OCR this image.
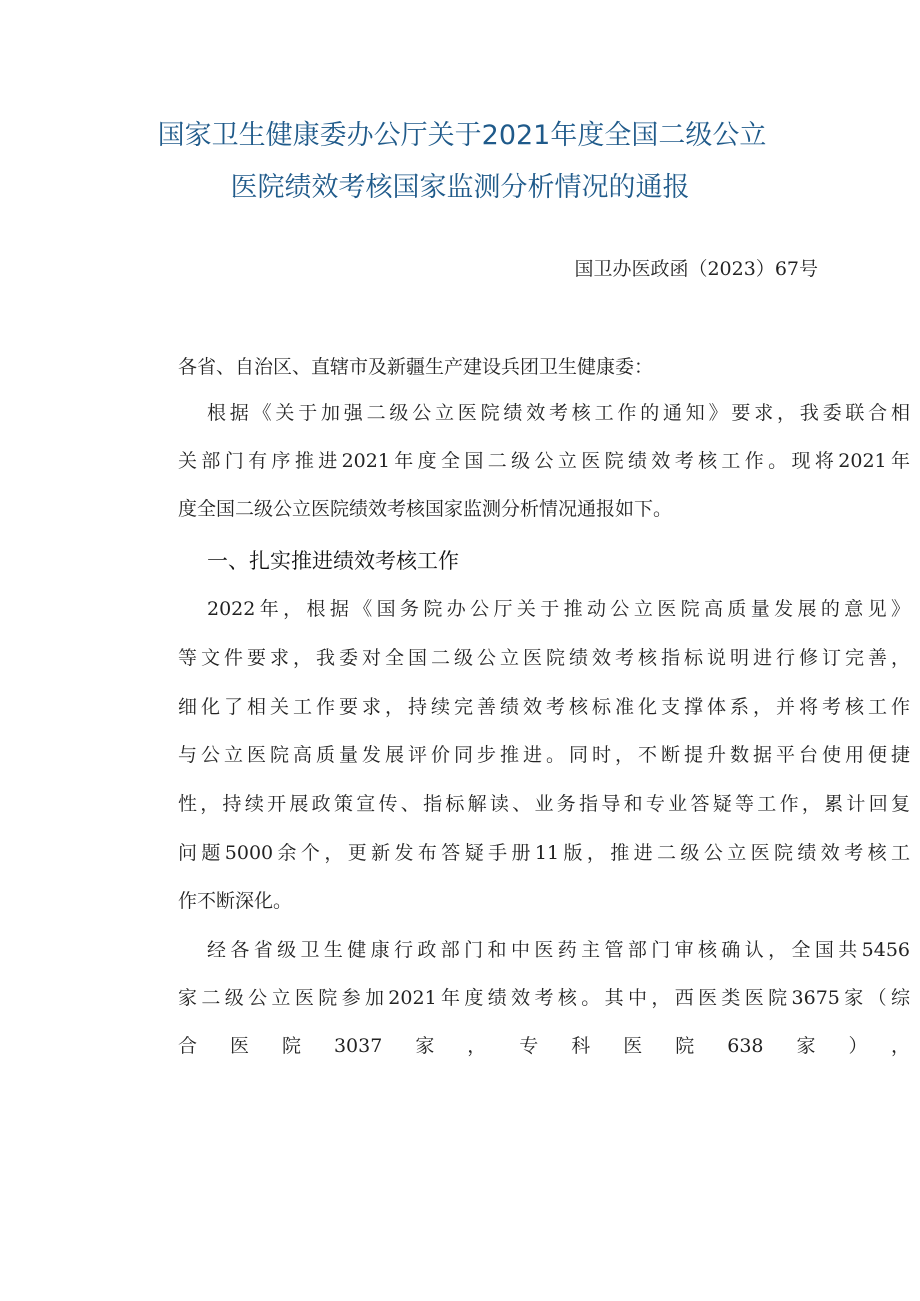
国家卫生健康委办公厅关于2021年度全国二级公立
医院绩效考核国家监测分析情况的通报
国卫办医政函（2023）67号
各省、自治区、直辖市及新疆生产建设兵团卫生健康委：
根据《关于加强二级公立医院绩效考核工作的通知》要求，我委联合相
关部门有序推进2021年度全国二级公立医院绩效考核工作。现将2021年
度全国二级公立医院绩效考核国家监测分析情况通报如下。
一、扎实推进绩效考核工作
2022年，根据《国务院办公厅关于推动公立医院高质量发展的意见》
等文件要求，我委对全国二级公立医院绩效考核指标说明进行修订完善，
细化了相关工作要求，持续完善绩效考核标准化支撑体系，并将考核工作
与公立医院高质量发展评价同步推进。同时，不断提升数据平台使用便捷
性，持续开展政策宣传、指标解读、业务指导和专业答疑等工作，累计回复
问题5000余个，更新发布答疑手册11版，推进二级公立医院绩效考核工
作不断深化。
经各省级卫生健康行政部门和中医药主管部门审核确认，全国共5456
家二级公立医院参加2021年度绩效考核。其中，西医类医院3675家（综
合医院3037家，专科医院638家），
